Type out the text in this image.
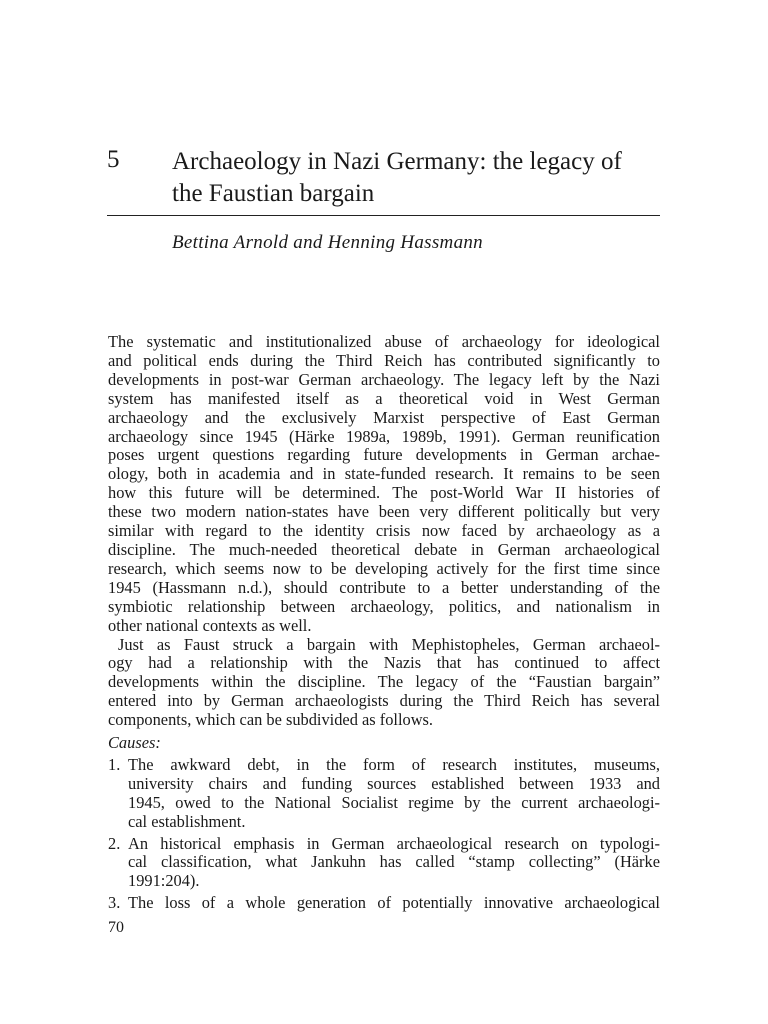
5 Archaeology in Nazi Germany: the legacy of
the Faustian bargain
Bettina Arnold and Henning Hassmann
The systematic and institutionalized abuse of archaeology for ideological
and political ends during the Third Reich has contributed significantly to
developments in post-war German archaeology. The legacy left by the Nazi
system has manifested itself as a theoretical void in West German
archaeology and the exclusively Marxist perspective of East German
archaeology since 1945 (Härke 1989a, 1989b, 1991). German reunification
poses urgent questions regarding future developments in German archae-
ology, both in academia and in state-funded research. It remains to be seen
how this future will be determined. The post-World War II histories of
these two modern nation-states have been very different politically but very
similar with regard to the identity crisis now faced by archaeology as a
discipline. The much-needed theoretical debate in German archaeological
research, which seems now to be developing actively for the first time since
1945 (Hassmann n.d.), should contribute to a better understanding of the
symbiotic relationship between archaeology, politics, and nationalism in
other national contexts as well.
Just as Faust struck a bargain with Mephistopheles, German archaeol-
ogy had a relationship with the Nazis that has continued to affect
developments within the discipline. The legacy of the “Faustian bargain”
entered into by German archaeologists during the Third Reich has several
components, which can be subdivided as follows.
Causes:
1. The awkward debt, in the form of research institutes, museums,
university chairs and funding sources established between 1933 and
1945, owed to the National Socialist regime by the current archaeologi-
cal establishment.
2. An historical emphasis in German archaeological research on typologi-
cal classification, what Jankuhn has called “stamp collecting” (Härke
1991:204).
3. The loss of a whole generation of potentially innovative archaeological
70
